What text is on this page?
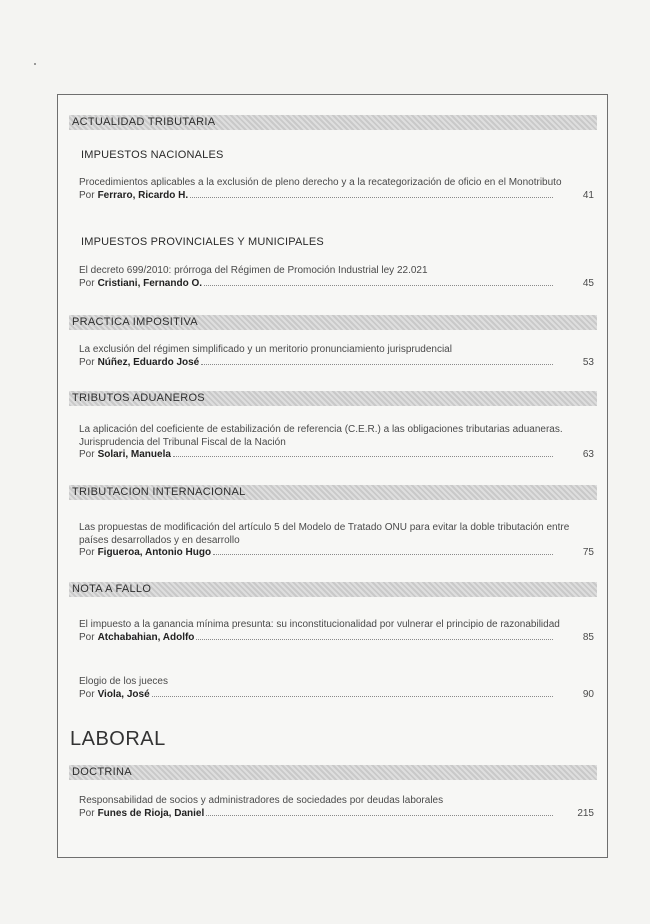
ACTUALIDAD TRIBUTARIA
IMPUESTOS NACIONALES
Procedimientos aplicables a la exclusión de pleno derecho y a la recategorización de oficio en el Monotributo
Por Ferraro, Ricardo H.	41
IMPUESTOS PROVINCIALES Y MUNICIPALES
El decreto 699/2010: prórroga del Régimen de Promoción Industrial ley 22.021
Por Cristiani, Fernando O.	45
PRACTICA IMPOSITIVA
La exclusión del régimen simplificado y un meritorio pronunciamiento jurisprudencial
Por Núñez, Eduardo José	53
TRIBUTOS ADUANEROS
La aplicación del coeficiente de estabilización de referencia (C.E.R.) a las obligaciones tributarias aduaneras. Jurisprudencia del Tribunal Fiscal de la Nación
Por Solari, Manuela	63
TRIBUTACION INTERNACIONAL
Las propuestas de modificación del artículo 5 del Modelo de Tratado ONU para evitar la doble tributación entre países desarrollados y en desarrollo
Por Figueroa, Antonio Hugo	75
NOTA A FALLO
El impuesto a la ganancia mínima presunta: su inconstitucionalidad por vulnerar el principio de razonabilidad
Por Atchabahian, Adolfo	85
Elogio de los jueces
Por Viola, José	90
LABORAL
DOCTRINA
Responsabilidad de socios y administradores de sociedades por deudas laborales
Por Funes de Rioja, Daniel	215
